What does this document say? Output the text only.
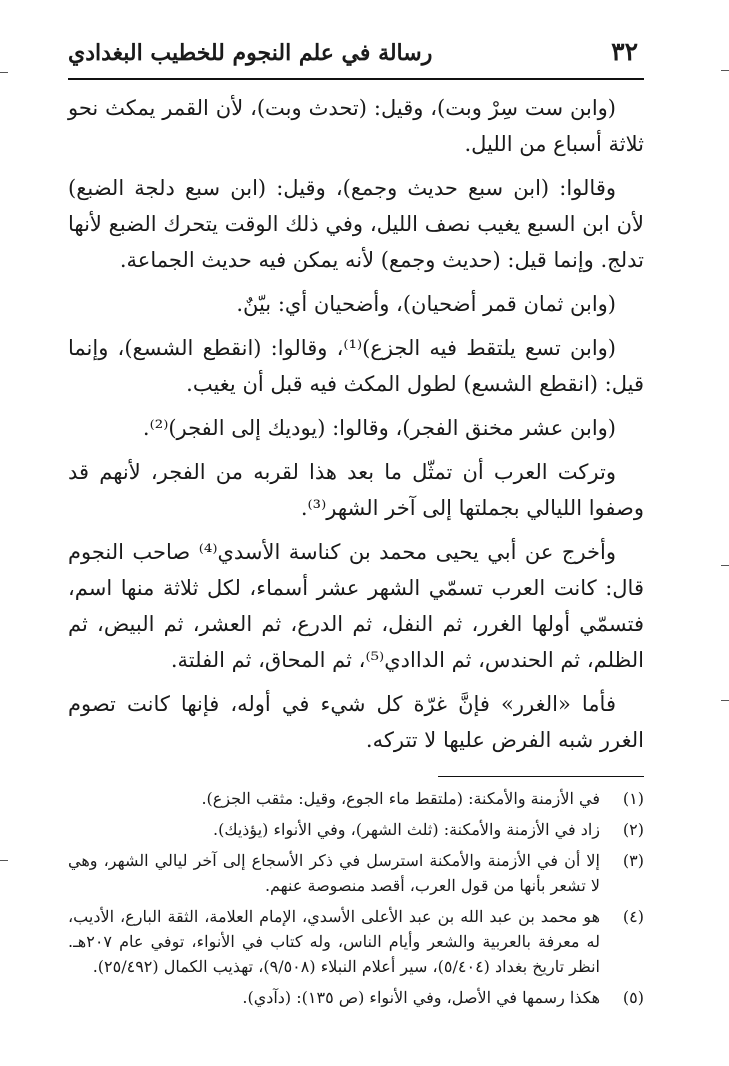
٣٢
رسالة في علم النجوم للخطيب البغدادي

(وابن ست سِرْ وبت)، وقيل: (تحدث وبت)، لأن القمر يمكث نحو ثلاثة أسباع من الليل.

وقالوا: (ابن سبع حديث وجمع)، وقيل: (ابن سبع دلجة الضبع) لأن ابن السبع يغيب نصف الليل، وفي ذلك الوقت يتحرك الضبع لأنها تدلج. وإنما قيل: (حديث وجمع) لأنه يمكن فيه حديث الجماعة.

(وابن ثمان قمر أضحيان)، وأضحيان أي: بيّنٌ.

(وابن تسع يلتقط فيه الجزع)⁽¹⁾، وقالوا: (انقطع الشسع)، وإنما قيل: (انقطع الشسع) لطول المكث فيه قبل أن يغيب.

(وابن عشر مخنق الفجر)، وقالوا: (يوديك إلى الفجر)⁽²⁾.

وتركت العرب أن تمثّل ما بعد هذا لقربه من الفجر، لأنهم قد وصفوا الليالي بجملتها إلى آخر الشهر⁽³⁾.

وأخرج عن أبي يحيى محمد بن كناسة الأسدي⁽⁴⁾ صاحب النجوم قال: كانت العرب تسمّي الشهر عشر أسماء، لكل ثلاثة منها اسم، فتسمّي أولها الغرر، ثم النفل، ثم الدرع، ثم العشر، ثم البيض، ثم الظلم، ثم الحندس، ثم الداادي⁽⁵⁾، ثم المحاق، ثم الفلتة.

فأما «الغرر» فإنَّ غرّة كل شيء في أوله، فإنها كانت تصوم الغرر شبه الفرض عليها لا تتركه.

(١)
في الأزمنة والأمكنة: (ملتقط ماء الجوع، وقيل: مثقب الجزع).
(٢)
زاد في الأزمنة والأمكنة: (ثلث الشهر)، وفي الأنواء (يؤذيك).
(٣)
إلا أن في الأزمنة والأمكنة استرسل في ذكر الأسجاع إلى آخر ليالي الشهر، وهي لا تشعر بأنها من قول العرب، أقصد منصوصة عنهم.
(٤)
هو محمد بن عبد الله بن عبد الأعلى الأسدي، الإمام العلامة، الثقة البارع، الأديب، له معرفة بالعربية والشعر وأيام الناس، وله كتاب في الأنواء، توفي عام ٢٠٧هـ. انظر تاريخ بغداد (٥/٤٠٤)، سير أعلام النبلاء (٩/٥٠٨)، تهذيب الكمال (٢٥/٤٩٢).
(٥)
هكذا رسمها في الأصل، وفي الأنواء (ص ١٣٥): (دآدي).
